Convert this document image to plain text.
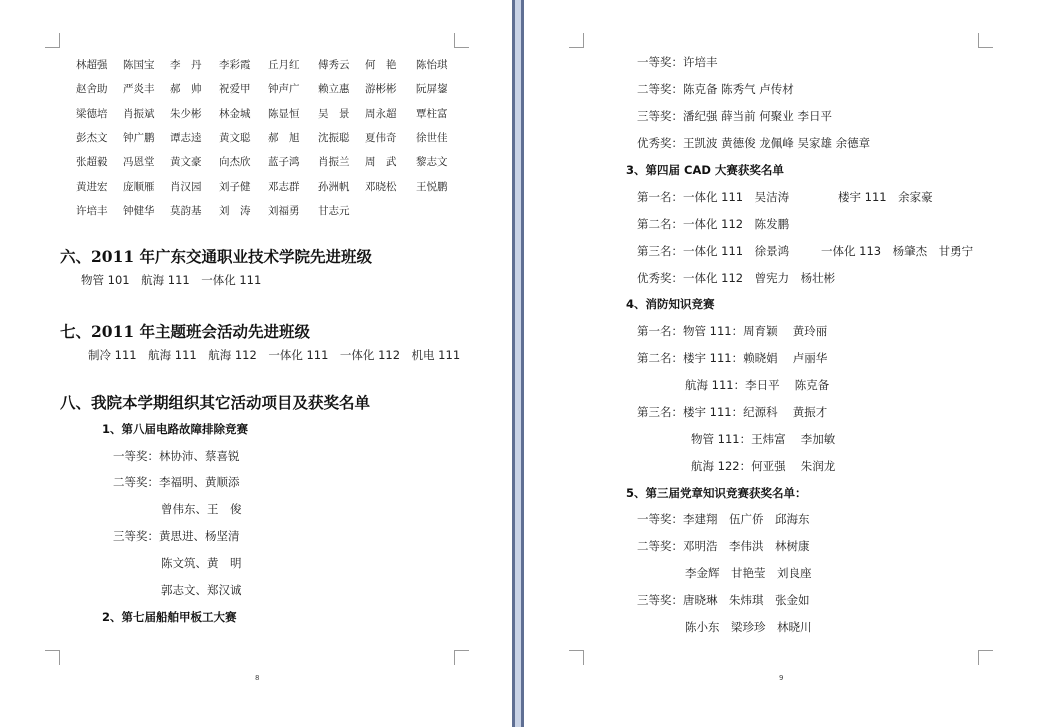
林超强 陈国宝 李　丹 李彩霞 丘月红 傅秀云 何　艳 陈怡琪
赵舍助 严炎丰 郝　帅 祝爱甲 钟声广 赖立惠 游彬彬 阮屏鋆
梁德培 肖振斌 朱少彬 林金城 陈显恒 吴　景 周永超 覃柱富
彭杰文 钟广鹏 谭志逵 黄文聪 郝　旭 沈振聪 夏伟奇 徐世佳
张超毅 冯恩堂 黄文豪 向杰欣 蓝子鸿 肖振兰 周　武 黎志文
黄进宏 庞顺雁 肖汉园 刘子健 邓志群 孙洲帆 邓晓松 王悦鹏
许培丰 钟健华 莫韵基 刘　涛 刘福勇 甘志元
六、2011 年广东交通职业技术学院先进班级
物管 101　航海 111　一体化 111
七、2011 年主题班会活动先进班级
制冷 111　航海 111　航海 112　一体化 111　一体化 112　机电 111
八、我院本学期组织其它活动项目及获奖名单
1、第八届电路故障排除竞赛
一等奖：林协沛、蔡喜锐
二等奖：李福明、黄顺添
曾伟东、王　俊
三等奖：黄思进、杨坚清
陈文筑、黄　明
郭志文、郑汉诚
2、第七届船舶甲板工大赛
8
一等奖：许培丰
二等奖：陈克备 陈秀气 卢传材
三等奖：潘纪强 薛当前 何聚业 李日平
优秀奖：王凯波 黄德俊 龙佩峰 吴家雄 余德章
3、第四届 CAD 大赛获奖名单
第一名：一体化 111　吴洁涛	楼宇 111　余家豪
第二名：一体化 112　陈发鹏
第三名：一体化 111　徐景鸿	一体化 113　杨肇杰　甘勇宁
优秀奖：一体化 112　曾宪力　杨壮彬
4、消防知识竞赛
第一名：物管 111：周育颖　 黄玲丽
第二名：楼宇 111：赖晓娟　 卢丽华
航海 111：李日平　 陈克备
第三名：楼宇 111：纪源科　 黄振才
物管 111：王炜富　 李加敏
航海 122：何亚强　 朱润龙
5、第三届党章知识竞赛获奖名单：
一等奖：李建翔　伍广侨　邱海东
二等奖：邓明浩　李伟洪　林树康
李金辉　甘艳莹　刘良座
三等奖：唐晓琳　朱炜琪　张金如
陈小东　梁珍珍　林晓川
9
